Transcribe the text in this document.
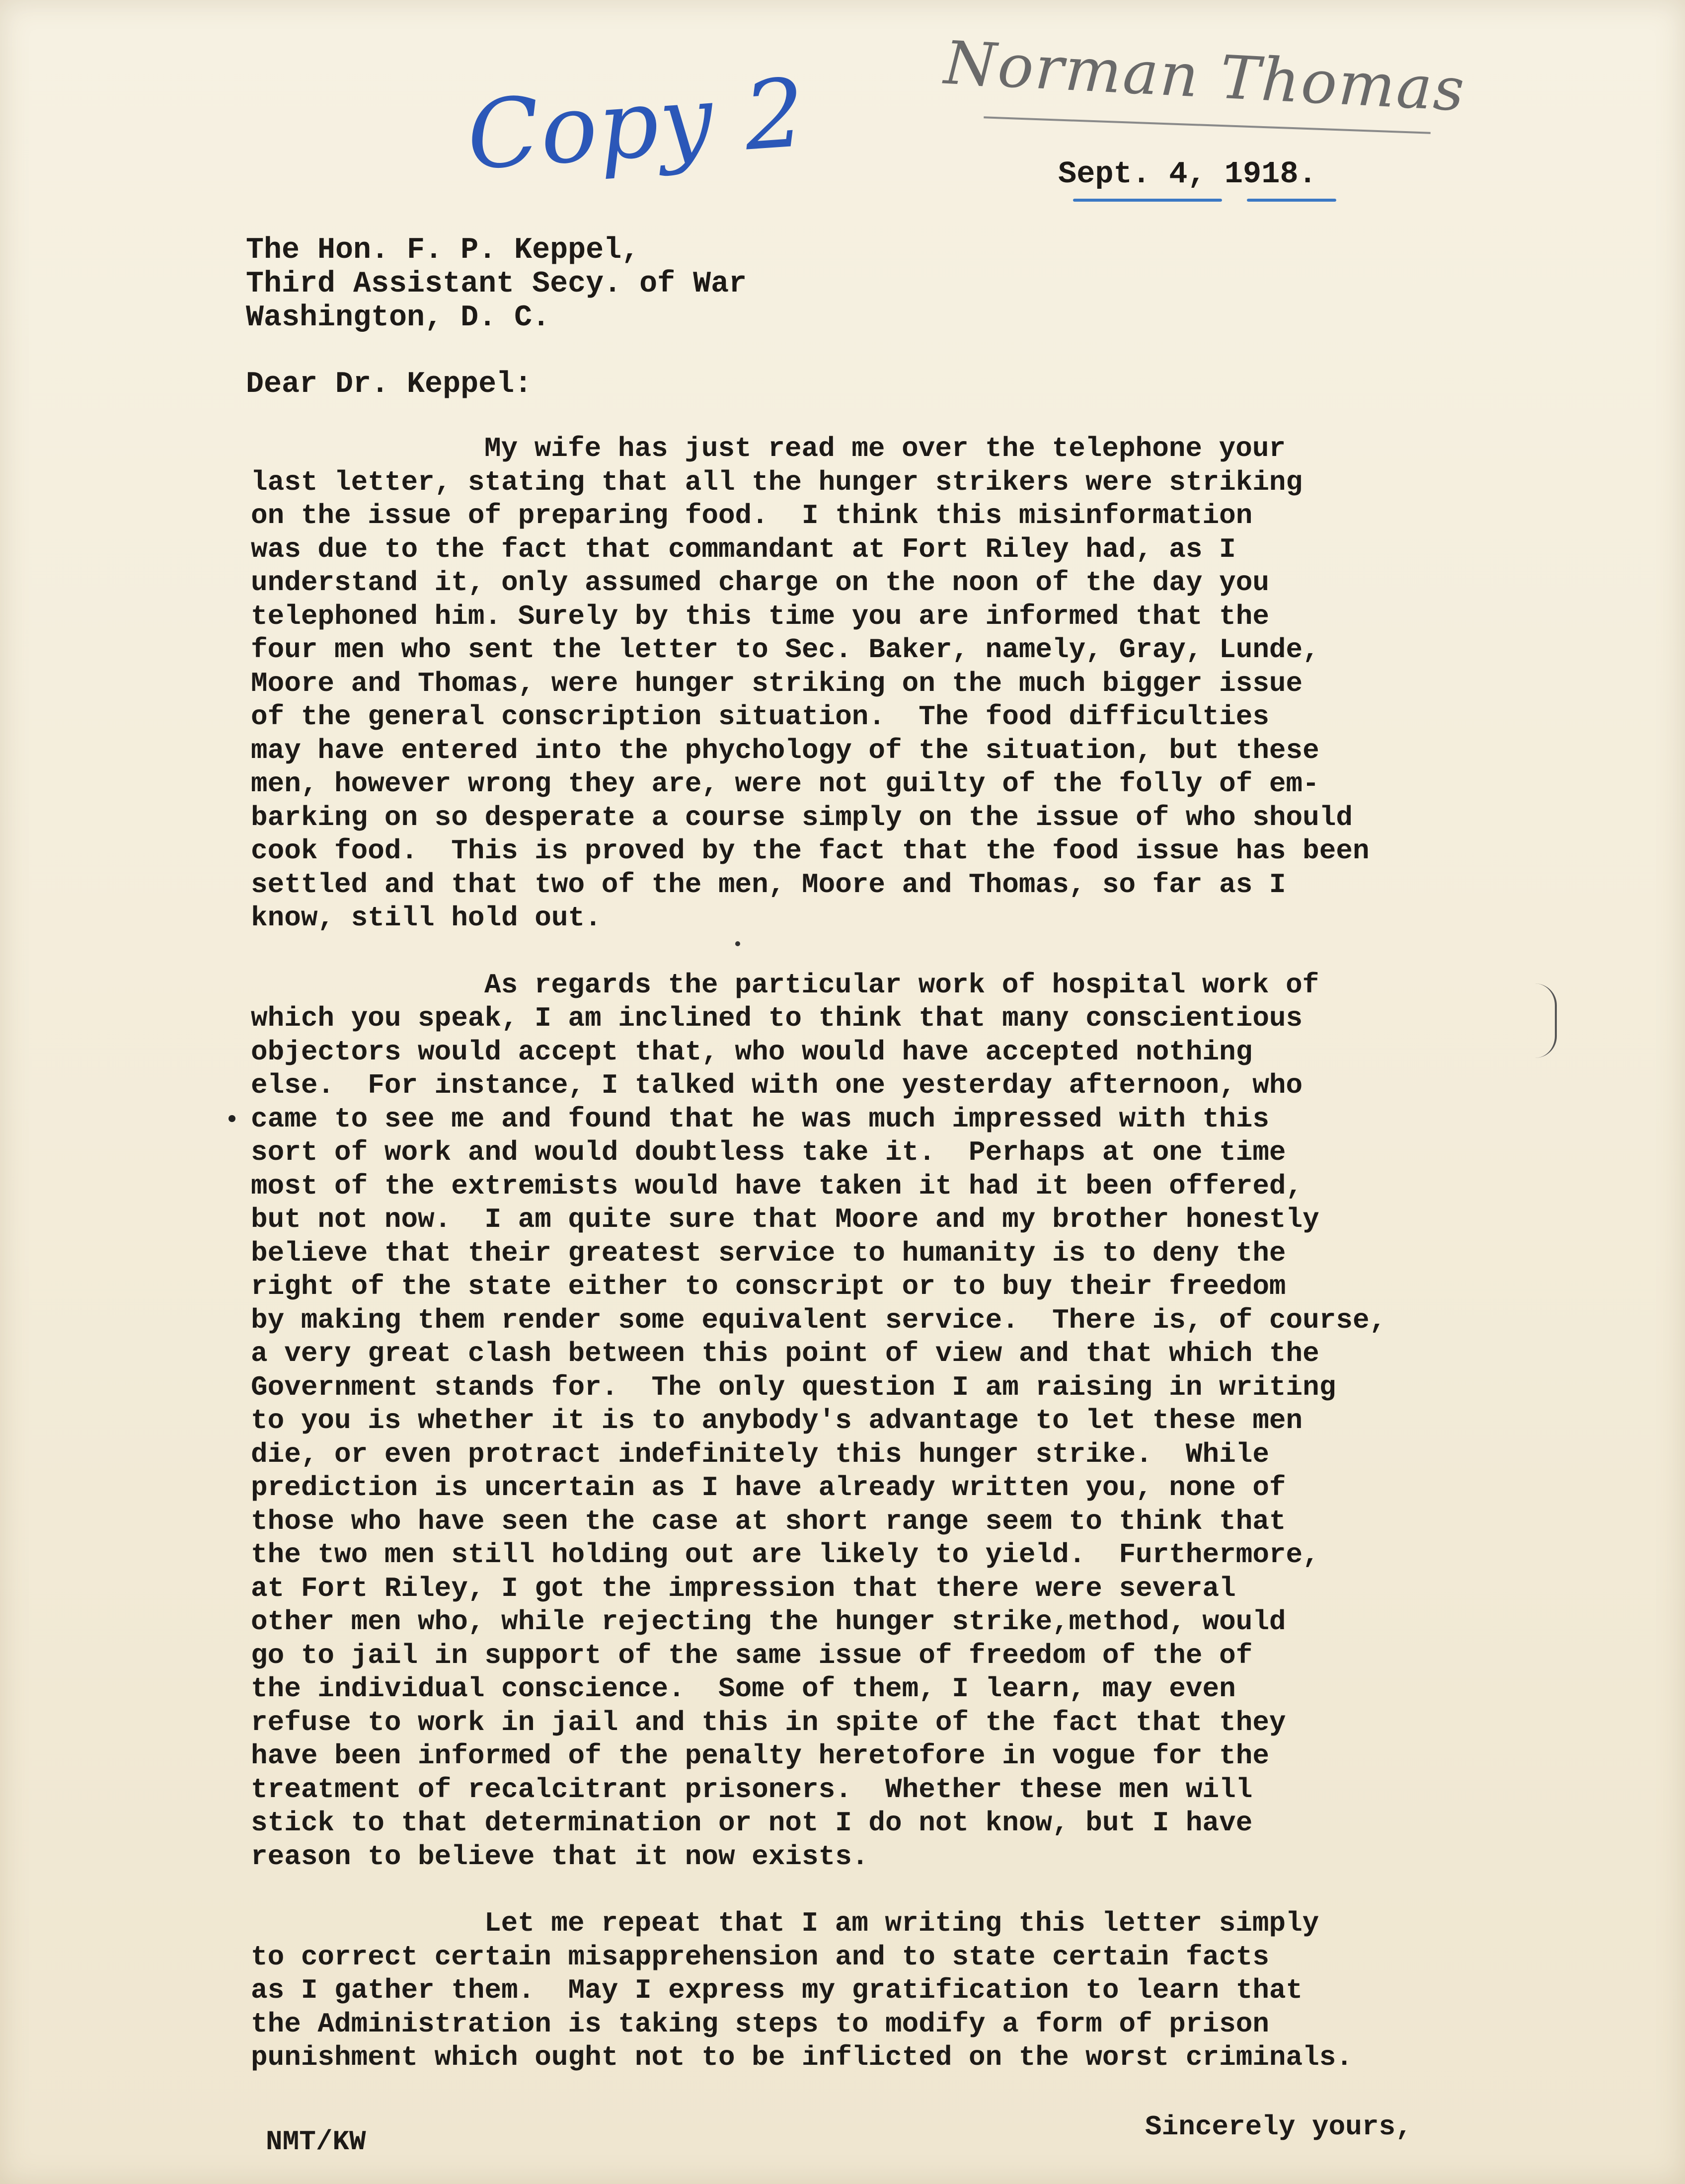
Copy 2 Norman Thomas
Sept. 4, 1918.
The Hon. F. P. Keppel,
Third Assistant Secy. of War
Washington, D. C.
Dear Dr. Keppel:
My wife has just read me over the telephone your
last letter, stating that all the hunger strikers were striking
on the issue of preparing food.  I think this misinformation
was due to the fact that commandant at Fort Riley had, as I
understand it, only assumed charge on the noon of the day you
telephoned him. Surely by this time you are informed that the
four men who sent the letter to Sec. Baker, namely, Gray, Lunde,
Moore and Thomas, were hunger striking on the much bigger issue
of the general conscription situation.  The food difficulties
may have entered into the phychology of the situation, but these
men, however wrong they are, were not guilty of the folly of em-
barking on so desperate a course simply on the issue of who should
cook food.  This is proved by the fact that the food issue has been
settled and that two of the men, Moore and Thomas, so far as I
know, still hold out.
As regards the particular work of hospital work of
which you speak, I am inclined to think that many conscientious
objectors would accept that, who would have accepted nothing
else.  For instance, I talked with one yesterday afternoon, who
came to see me and found that he was much impressed with this
sort of work and would doubtless take it.  Perhaps at one time
most of the extremists would have taken it had it been offered,
but not now.  I am quite sure that Moore and my brother honestly
believe that their greatest service to humanity is to deny the
right of the state either to conscript or to buy their freedom
by making them render some equivalent service.  There is, of course,
a very great clash between this point of view and that which the
Government stands for.  The only question I am raising in writing
to you is whether it is to anybody's advantage to let these men
die, or even protract indefinitely this hunger strike.  While
prediction is uncertain as I have already written you, none of
those who have seen the case at short range seem to think that
the two men still holding out are likely to yield.  Furthermore,
at Fort Riley, I got the impression that there were several
other men who, while rejecting the hunger strike,method, would
go to jail in support of the same issue of freedom of the of
the individual conscience.  Some of them, I learn, may even
refuse to work in jail and this in spite of the fact that they
have been informed of the penalty heretofore in vogue for the
treatment of recalcitrant prisoners.  Whether these men will
stick to that determination or not I do not know, but I have
reason to believe that it now exists.
Let me repeat that I am writing this letter simply
to correct certain misapprehension and to state certain facts
as I gather them.  May I express my gratification to learn that
the Administration is taking steps to modify a form of prison
punishment which ought not to be inflicted on the worst criminals.
NMT/KW	Sincerely yours,
